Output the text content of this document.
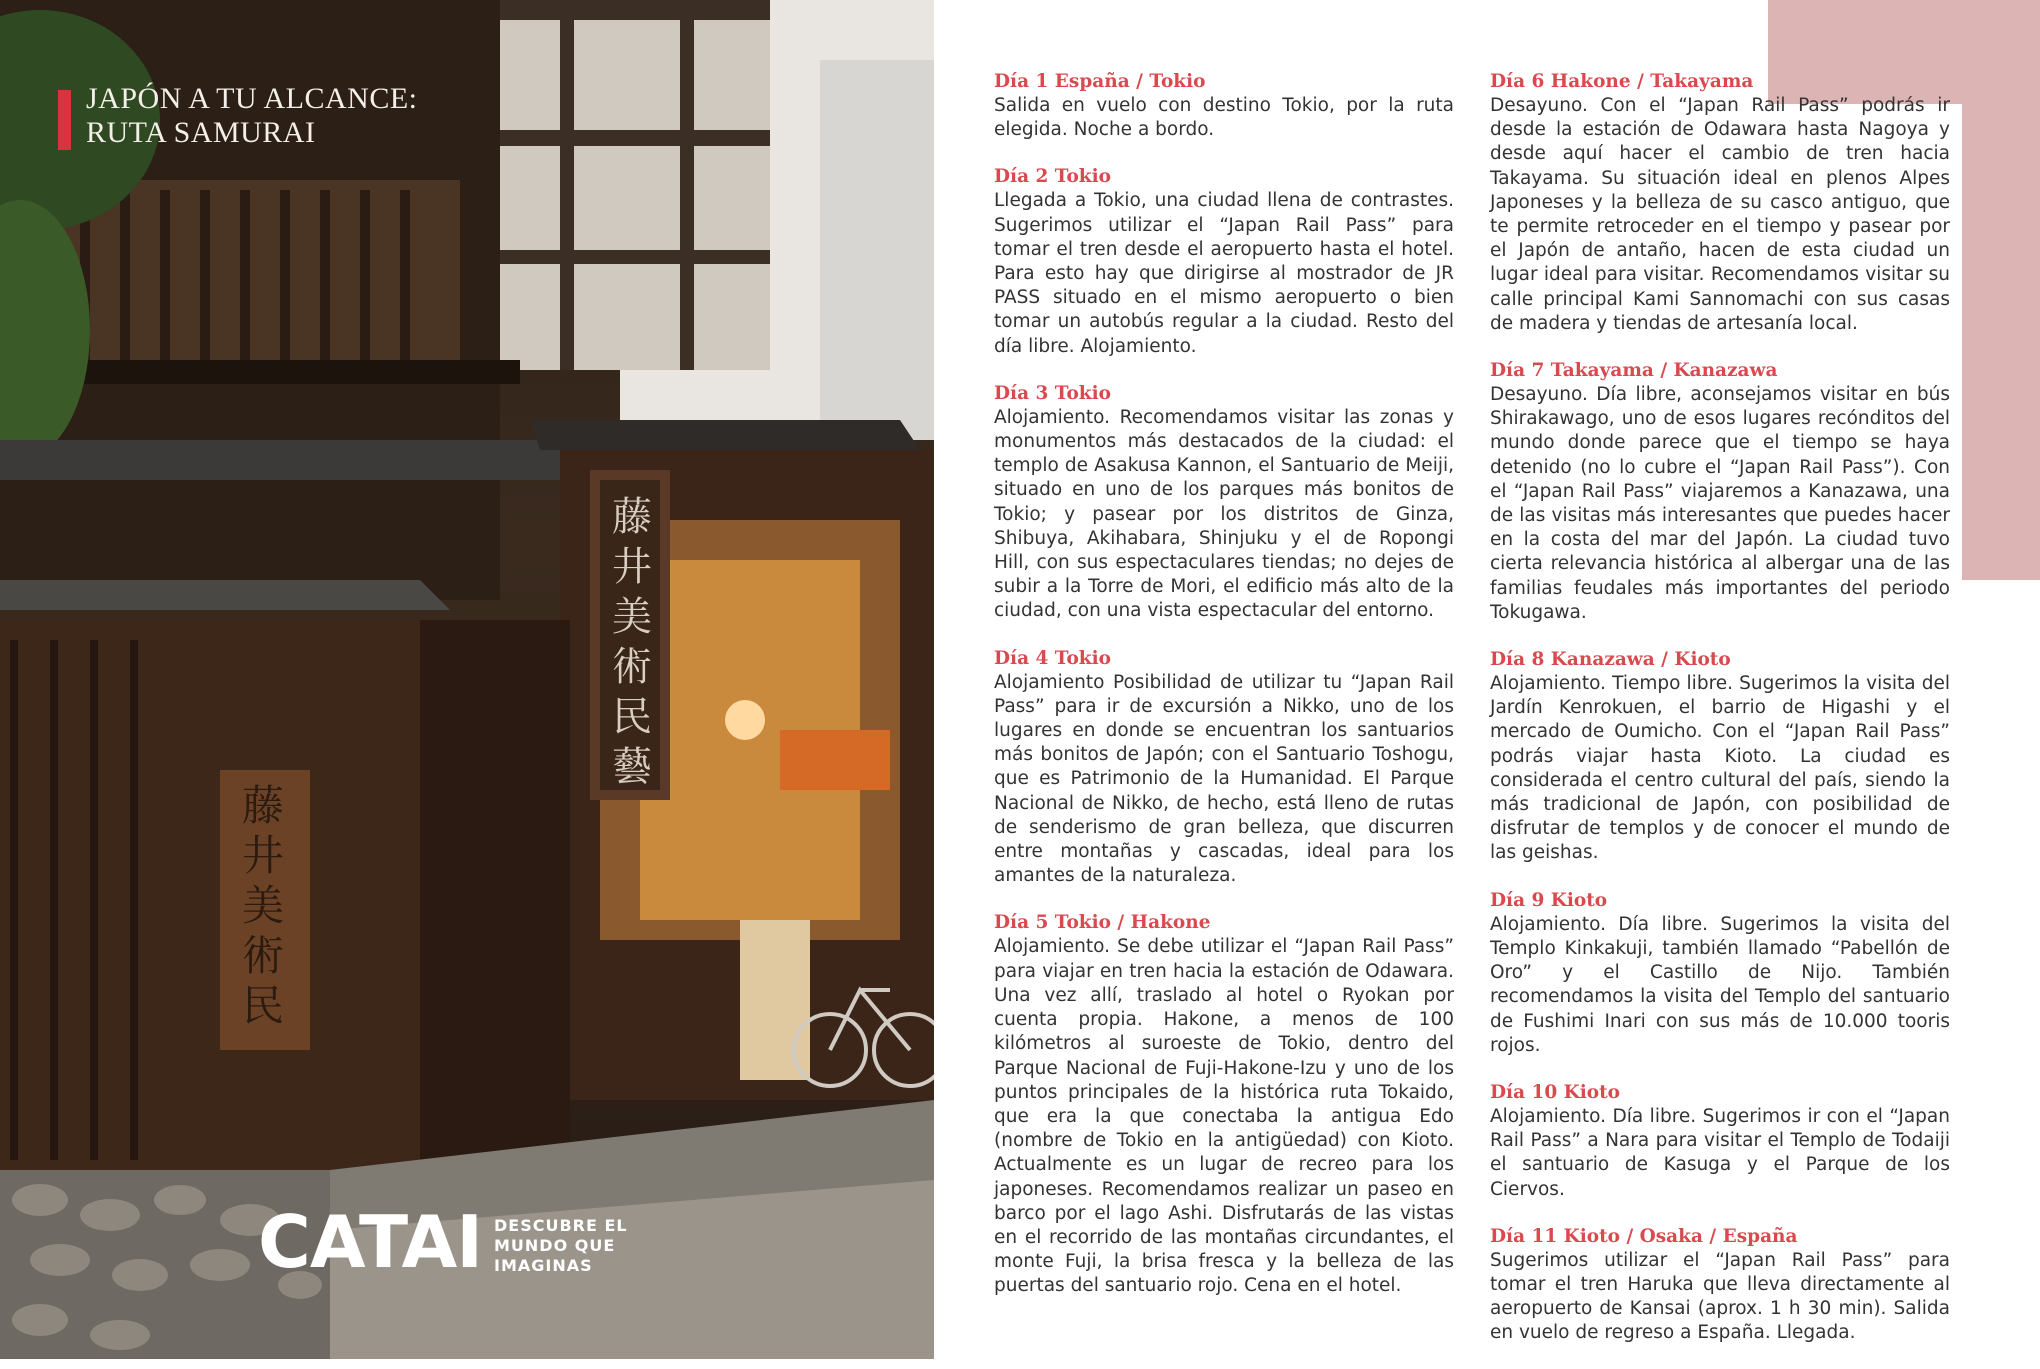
藤
井
美
術
民
藝
藤
井
美
術
民
JAPÓN A TU ALCANCE:
RUTA SAMURAI
CATAI DESCUBRE EL
MUNDO QUE
IMAGINAS
Día 1 España / Tokio
Salida en vuelo con destino Tokio, por la ruta elegida. Noche a bordo.
Día 2 Tokio
Llegada a Tokio, una ciudad llena de contrastes. Sugerimos utilizar el “Japan Rail Pass” para tomar el tren desde el aeropuerto hasta el hotel. Para esto hay que dirigirse al mostrador de JR PASS situado en el mismo aeropuerto o bien tomar un autobús regular a la ciudad. Resto del día libre. Alojamiento.
Día 3 Tokio
Alojamiento. Recomendamos visitar las zonas y monumentos más destacados de la ciudad: el templo de Asakusa Kannon, el Santuario de Meiji, situado en uno de los parques más bonitos de Tokio; y pasear por los distritos de Ginza, Shibuya, Akihabara, Shinjuku y el de Ropongi Hill, con sus espectaculares tiendas; no dejes de subir a la Torre de Mori, el edificio más alto de la ciudad, con una vista espectacular del entorno.
Día 4 Tokio
Alojamiento Posibilidad de utilizar tu “Japan Rail Pass” para ir de excursión a Nikko, uno de los lugares en donde se encuentran los santuarios más bonitos de Japón; con el Santuario Toshogu, que es Patrimonio de la Humanidad. El Parque Nacional de Nikko, de hecho, está lleno de rutas de senderismo de gran belleza, que discurren entre montañas y cascadas, ideal para los amantes de la naturaleza.
Día 5 Tokio / Hakone
Alojamiento. Se debe utilizar el “Japan Rail Pass” para viajar en tren hacia la estación de Odawara. Una vez allí, traslado al hotel o Ryokan por cuenta propia. Hakone, a menos de 100 kilómetros al suroeste de Tokio, dentro del Parque Nacional de Fuji-Hakone-Izu y uno de los puntos principales de la histórica ruta Tokaido, que era la que conectaba la antigua Edo (nombre de Tokio en la antigüedad) con Kioto. Actualmente es un lugar de recreo para los japoneses. Recomendamos realizar un paseo en barco por el lago Ashi. Disfrutarás de las vistas en el recorrido de las montañas circundantes, el monte Fuji, la brisa fresca y la belleza de las puertas del santuario rojo. Cena en el hotel.
Día 6 Hakone / Takayama
Desayuno. Con el “Japan Rail Pass” podrás ir desde la estación de Odawara hasta Nagoya y desde aquí hacer el cambio de tren hacia Takayama. Su situación ideal en plenos Alpes Japoneses y la belleza de su casco antiguo, que te permite retroceder en el tiempo y pasear por el Japón de antaño, hacen de esta ciudad un lugar ideal para visitar. Recomendamos visitar su calle principal Kami Sannomachi con sus casas de madera y tiendas de artesanía local.
Día 7 Takayama / Kanazawa
Desayuno. Día libre, aconsejamos visitar en bús Shirakawago, uno de esos lugares recónditos del mundo donde parece que el tiempo se haya detenido (no lo cubre el “Japan Rail Pass”). Con el “Japan Rail Pass” viajaremos a Kanazawa, una de las visitas más interesantes que puedes hacer en la costa del mar del Japón. La ciudad tuvo cierta relevancia histórica al albergar una de las familias feudales más importantes del periodo Tokugawa.
Día 8 Kanazawa / Kioto
Alojamiento. Tiempo libre. Sugerimos la visita del Jardín Kenrokuen, el barrio de Higashi y el mercado de Oumicho. Con el “Japan Rail Pass” podrás viajar hasta Kioto. La ciudad es considerada el centro cultural del país, siendo la más tradicional de Japón, con posibilidad de disfrutar de templos y de conocer el mundo de las geishas.
Día 9 Kioto
Alojamiento. Día libre. Sugerimos la visita del Templo Kinkakuji, también llamado “Pabellón de Oro” y el Castillo de Nijo. También recomendamos la visita del Templo del santuario de Fushimi Inari con sus más de 10.000 tooris rojos.
Día 10 Kioto
Alojamiento. Día libre. Sugerimos ir con el “Japan Rail Pass” a Nara para visitar el Templo de Todaiji el santuario de Kasuga y el Parque de los Ciervos.
Día 11 Kioto / Osaka / España
Sugerimos utilizar el “Japan Rail Pass” para tomar el tren Haruka que lleva directamente al aeropuerto de Kansai (aprox. 1 h 30 min). Salida en vuelo de regreso a España. Llegada.
